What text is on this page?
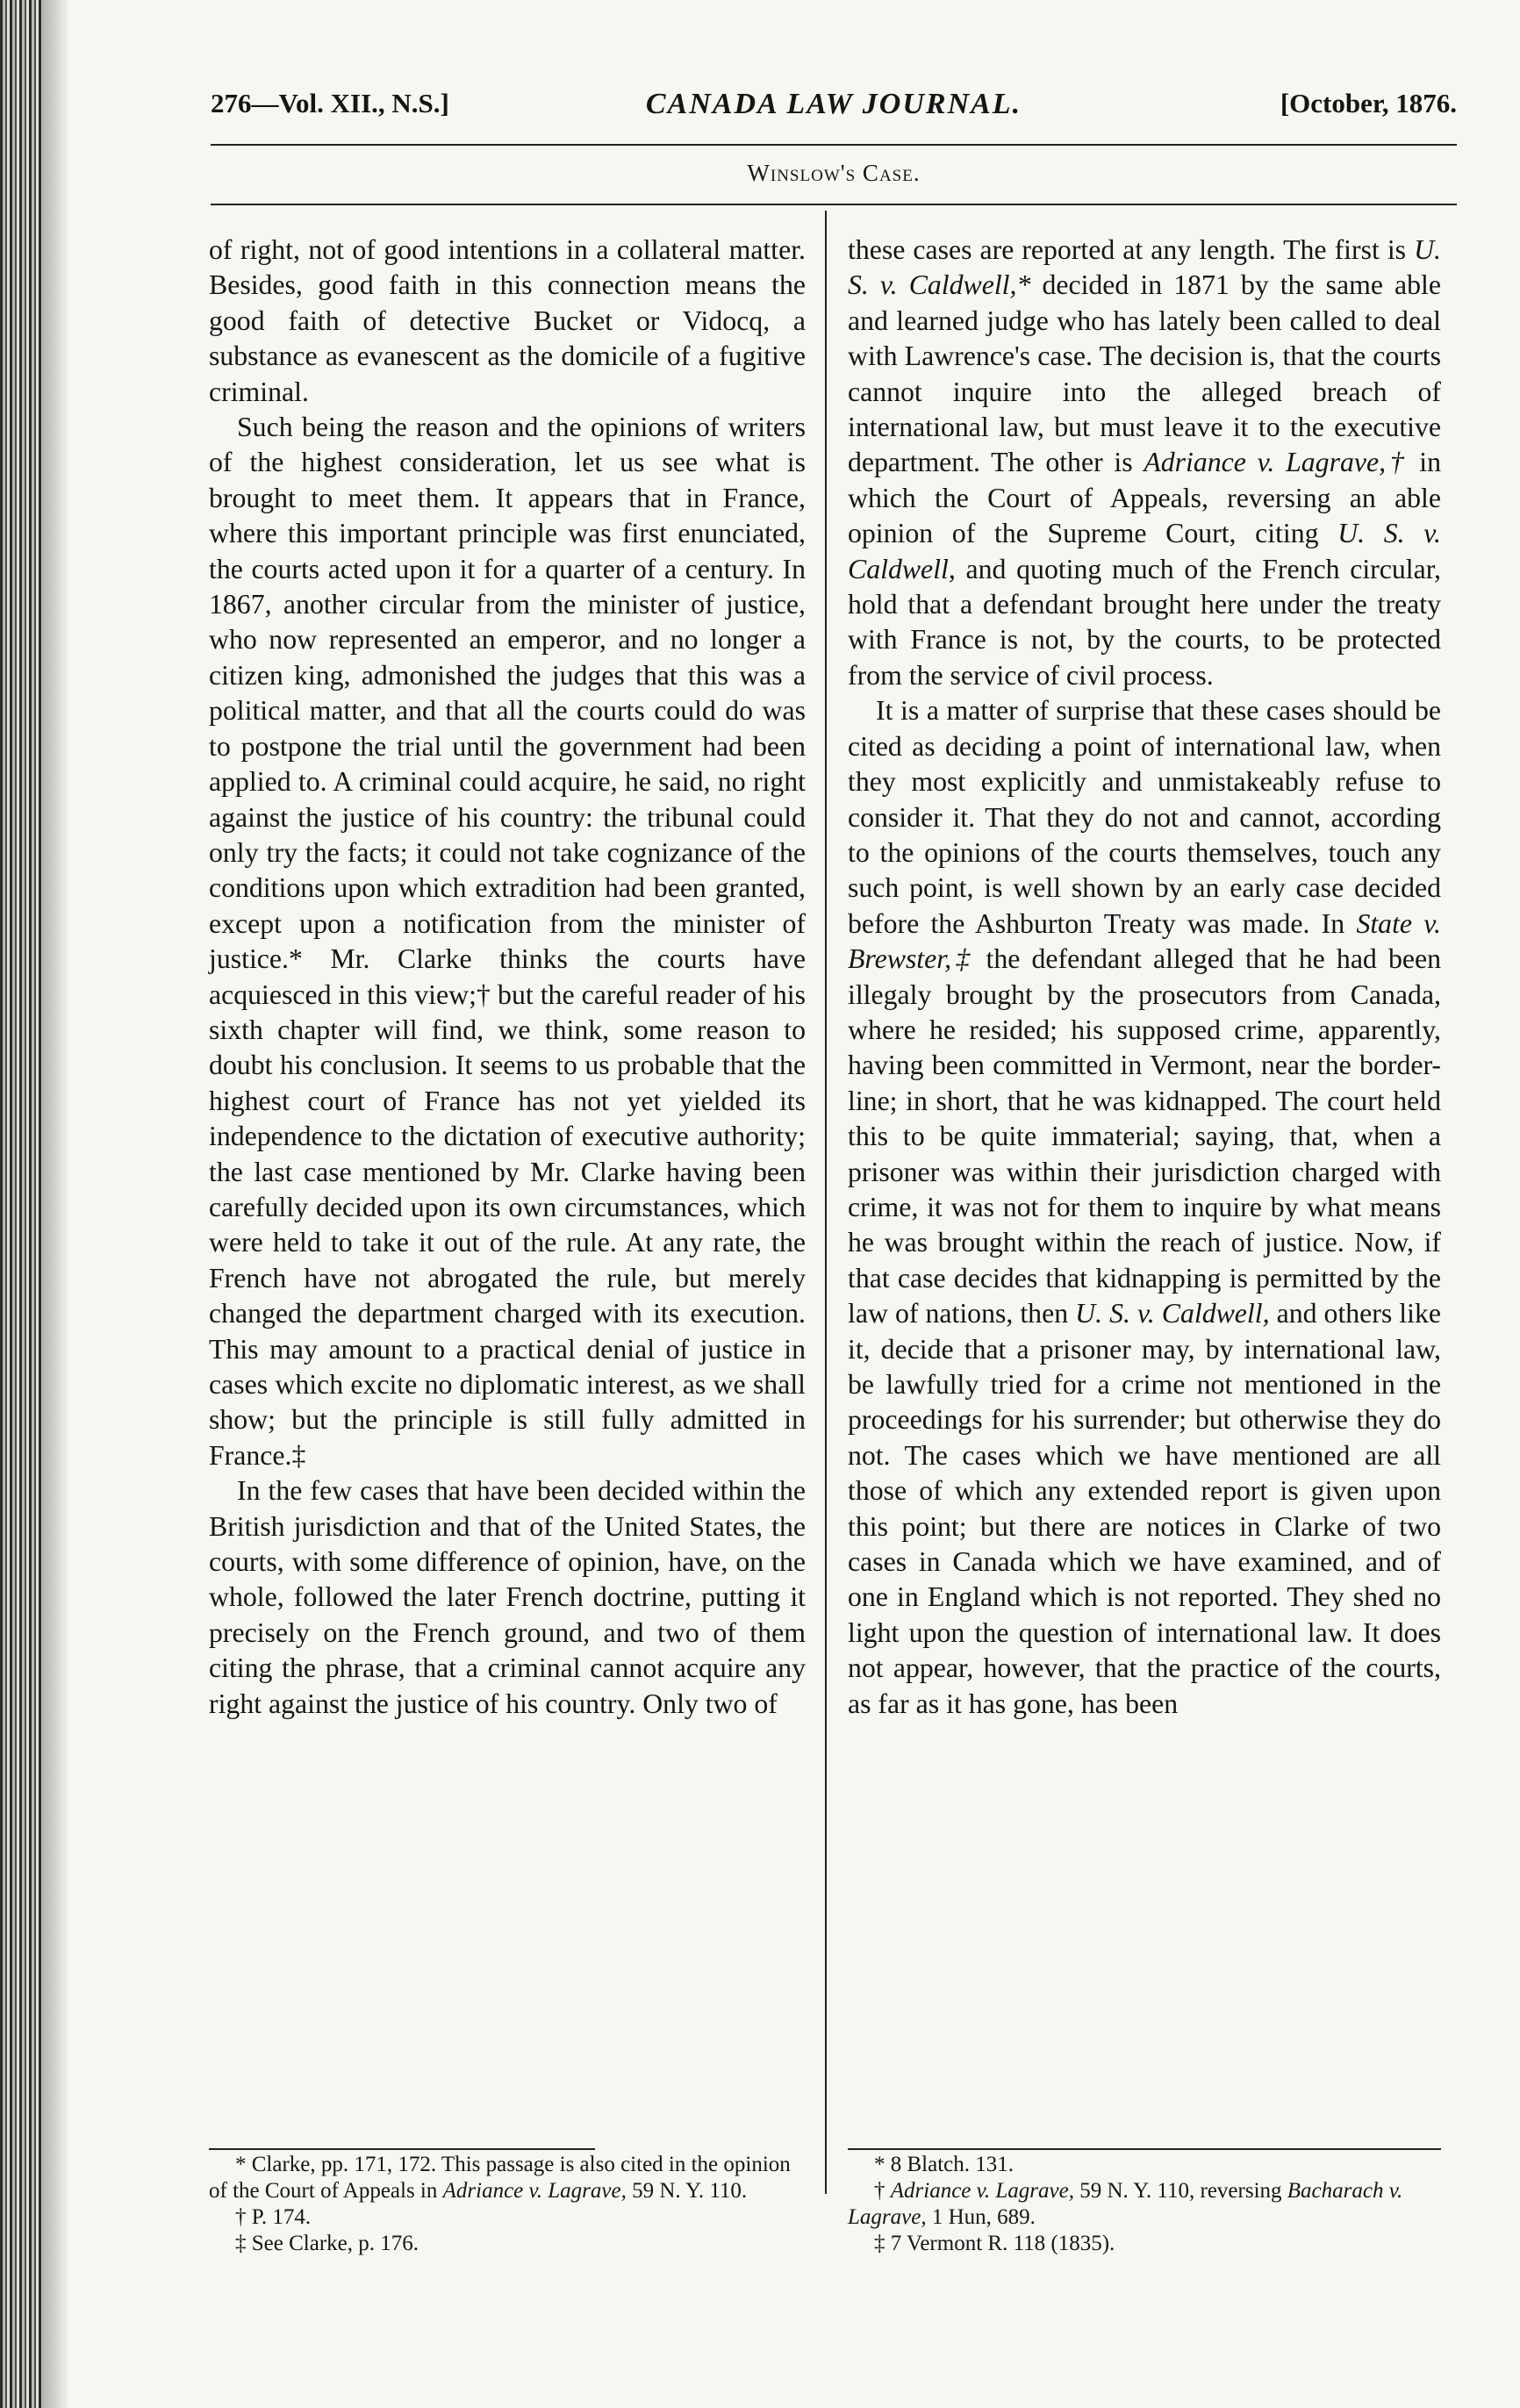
276—Vol. XII., N.S.]	CANADA LAW JOURNAL.	[October, 1876.
Winslow's Case.

of right, not of good intentions in a collateral matter. Besides, good faith in this connection means the good faith of detective Bucket or Vidocq, a substance as evanescent as the domicile of a fugitive criminal.

Such being the reason and the opinions of writers of the highest consideration, let us see what is brought to meet them. It appears that in France, where this important principle was first enunciated, the courts acted upon it for a quarter of a century. In 1867, another circular from the minister of justice, who now represented an emperor, and no longer a citizen king, admonished the judges that this was a political matter, and that all the courts could do was to postpone the trial until the government had been applied to. A criminal could acquire, he said, no right against the justice of his country: the tribunal could only try the facts; it could not take cognizance of the conditions upon which extradition had been granted, except upon a notification from the minister of justice.* Mr. Clarke thinks the courts have acquiesced in this view;† but the careful reader of his sixth chapter will find, we think, some reason to doubt his conclusion. It seems to us probable that the highest court of France has not yet yielded its independence to the dictation of executive authority; the last case mentioned by Mr. Clarke having been carefully decided upon its own circumstances, which were held to take it out of the rule. At any rate, the French have not abrogated the rule, but merely changed the department charged with its execution. This may amount to a practical denial of justice in cases which excite no diplomatic interest, as we shall show; but the principle is still fully admitted in France.‡

In the few cases that have been decided within the British jurisdiction and that of the United States, the courts, with some difference of opinion, have, on the whole, followed the later French doctrine, putting it precisely on the French ground, and two of them citing the phrase, that a criminal cannot acquire any right against the justice of his country. Only two of

these cases are reported at any length. The first is U. S. v. Caldwell,* decided in 1871 by the same able and learned judge who has lately been called to deal with Lawrence's case. The decision is, that the courts cannot inquire into the alleged breach of international law, but must leave it to the executive department. The other is Adriance v. Lagrave,† in which the Court of Appeals, reversing an able opinion of the Supreme Court, citing U. S. v. Caldwell, and quoting much of the French circular, hold that a defendant brought here under the treaty with France is not, by the courts, to be protected from the service of civil process.

It is a matter of surprise that these cases should be cited as deciding a point of international law, when they most explicitly and unmistakeably refuse to consider it. That they do not and cannot, according to the opinions of the courts themselves, touch any such point, is well shown by an early case decided before the Ashburton Treaty was made. In State v. Brewster,‡ the defendant alleged that he had been illegaly brought by the prosecutors from Canada, where he resided; his supposed crime, apparently, having been committed in Vermont, near the border-line; in short, that he was kidnapped. The court held this to be quite immaterial; saying, that, when a prisoner was within their jurisdiction charged with crime, it was not for them to inquire by what means he was brought within the reach of justice. Now, if that case decides that kidnapping is permitted by the law of nations, then U. S. v. Caldwell, and others like it, decide that a prisoner may, by international law, be lawfully tried for a crime not mentioned in the proceedings for his surrender; but otherwise they do not. The cases which we have mentioned are all those of which any extended report is given upon this point; but there are notices in Clarke of two cases in Canada which we have examined, and of one in England which is not reported. They shed no light upon the question of international law. It does not appear, however, that the practice of the courts, as far as it has gone, has been

* Clarke, pp. 171, 172. This passage is also cited in the opinion of the Court of Appeals in Adriance v. Lagrave, 59 N. Y. 110.

† P. 174.

‡ See Clarke, p. 176.

* 8 Blatch. 131.

† Adriance v. Lagrave, 59 N. Y. 110, reversing Bacharach v. Lagrave, 1 Hun, 689.

‡ 7 Vermont R. 118 (1835).
